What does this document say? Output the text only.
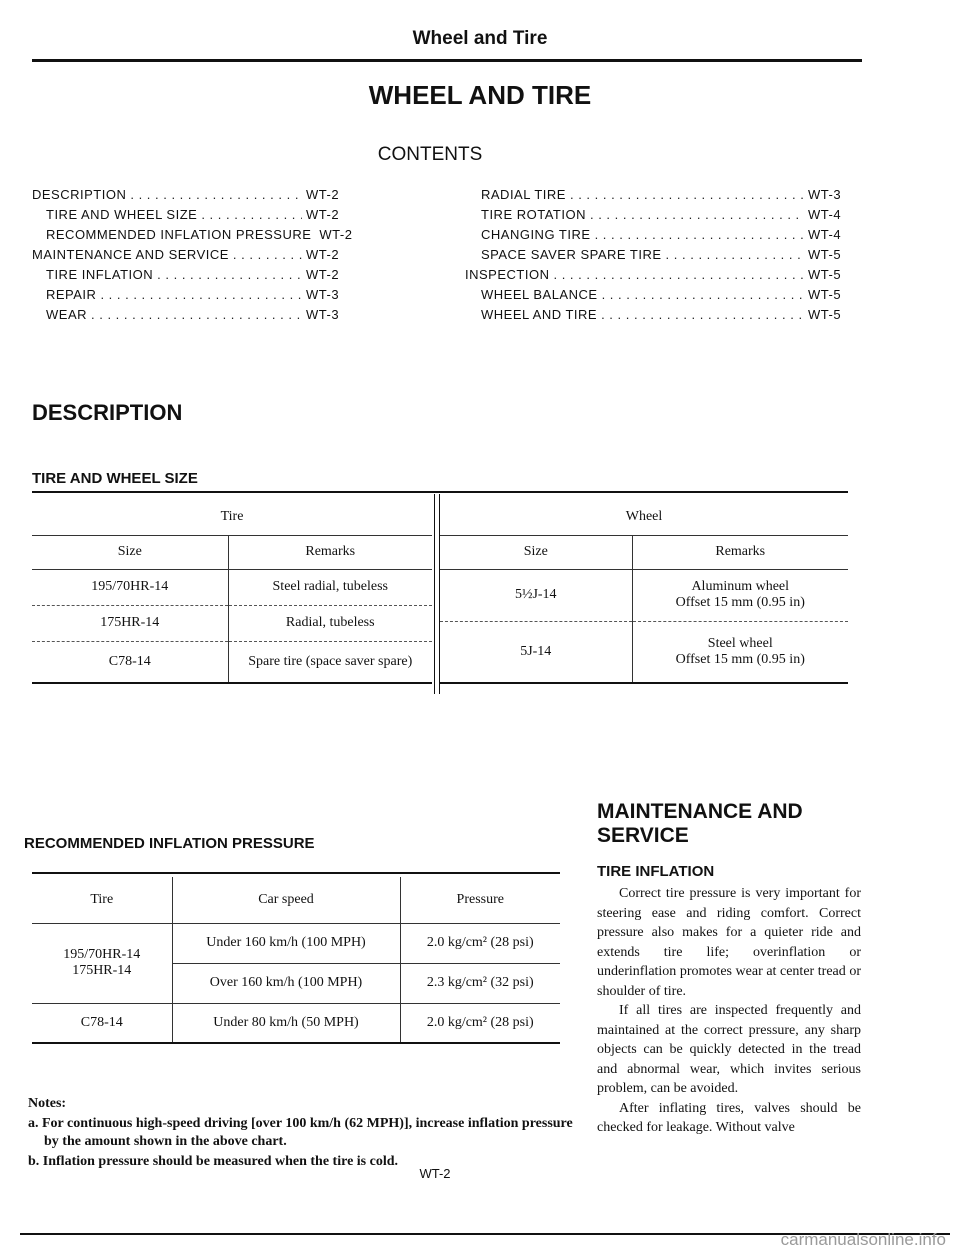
Wheel and Tire
WHEEL AND TIRE
CONTENTS
DESCRIPTION . . .	WT-2
TIRE AND WHEEL SIZE . . .	WT-2
RECOMMENDED INFLATION PRESSURE WT-2
MAINTENANCE AND SERVICE . . .	WT-2
TIRE INFLATION . . .	WT-2
REPAIR . . .	WT-3
WEAR . . .	WT-3
RADIAL TIRE . . .	WT-3
TIRE ROTATION . . .	WT-4
CHANGING TIRE . . .	WT-4
SPACE SAVER SPARE TIRE . . .	WT-5
INSPECTION . . .	WT-5
WHEEL BALANCE . . .	WT-5
WHEEL AND TIRE . . .	WT-5
DESCRIPTION
TIRE AND WHEEL SIZE
Tire	
Size	Remarks
195/70HR-14	Steel radial, tubeless
175HR-14	Radial, tubeless
C78-14	Spare tire (space saver spare)
Wheel	
Size	Remarks
5½J-14	Aluminum wheel
Offset 15 mm (0.95 in)

5J-14	Steel wheel
Offset 15 mm (0.95 in)
RECOMMENDED INFLATION PRESSURE
Tire	Car speed	Pressure

195/70HR-14
175HR-14	Under 160 km/h (100 MPH)	2.0 kg/cm² (28 psi)
	Over 160 km/h (100 MPH)	2.3 kg/cm² (32 psi)
C78-14	Under 80 km/h (50 MPH)	2.0 kg/cm² (28 psi)
Notes:
a. For continuous high-speed driving [over 100 km/h (62 MPH)], increase inflation pressure by the amount shown in the above chart.
b. Inflation pressure should be measured when the tire is cold.
MAINTENANCE AND SERVICE
TIRE INFLATION

Correct tire pressure is very important for steering ease and riding comfort. Correct pressure also makes for a quieter ride and extends tire life; overinflation or underinflation promotes wear at center tread or shoulder of tire.

If all tires are inspected frequently and maintained at the correct pressure, any sharp objects can be quickly detected in the tread and abnormal wear, which invites serious problem, can be avoided.

After inflating tires, valves should be checked for leakage. Without valve

WT-2
carmanualsonline.info
